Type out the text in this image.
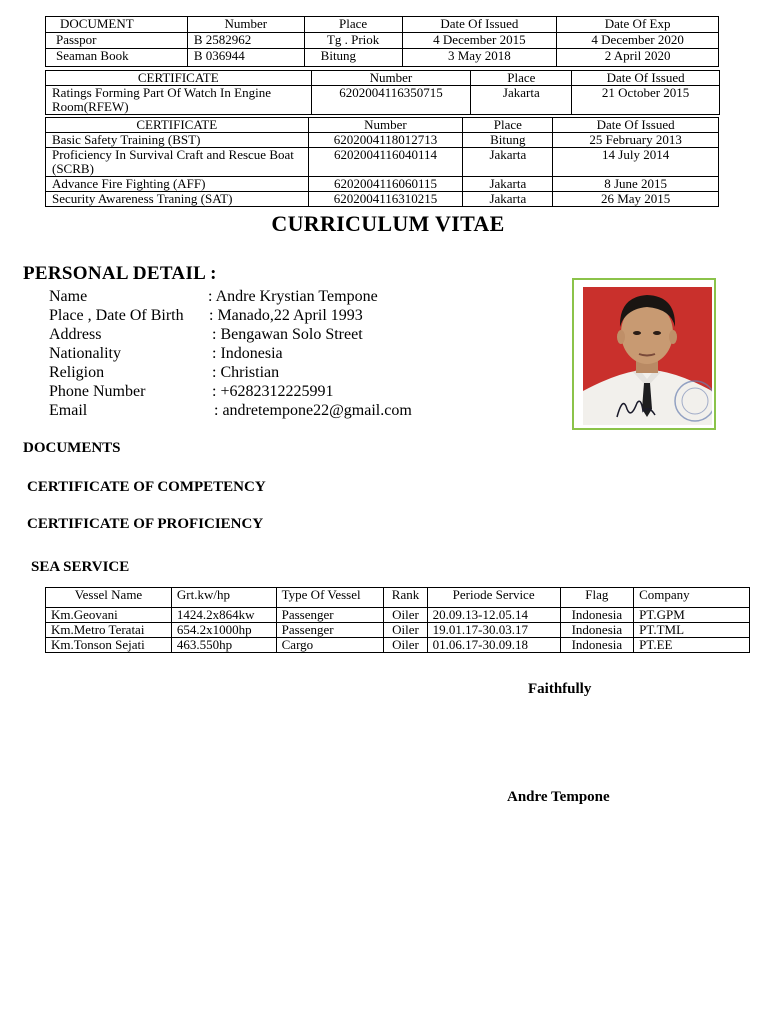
DOCUMENT	Number	Place	Date Of Issued	Date Of Exp
Passpor	B 2582962	Tg . Priok	4 December 2015	4 December 2020
Seaman Book	B 036944	Bitung	3 May 2018	2 April 2020
CERTIFICATE	Number	Place	Date Of Issued
Ratings Forming Part Of Watch In Engine Room(RFEW)	6202004116350715	Jakarta	21 October 2015
CERTIFICATE	Number	Place	Date Of Issued
Basic Safety Training (BST)	6202004118012713	Bitung	25 February 2013
Proficiency In Survival Craft and Rescue Boat (SCRB)	6202004116040114	Jakarta	14 July 2014
Advance Fire Fighting (AFF)	6202004116060115	Jakarta	8 June 2015
Security Awareness Traning (SAT)	6202004116310215	Jakarta	26 May 2015
CURRICULUM VITAE
PERSONAL DETAIL :
Name	: Andre Krystian Tempone
Place , Date Of Birth : Manado,22 April 1993
Address	: Bengawan Solo Street
Nationality	: Indonesia
Religion	: Christian
Phone Number	: +6282312225991
Email	: andretempone22@gmail.com
DOCUMENTS
CERTIFICATE OF COMPETENCY
CERTIFICATE OF PROFICIENCY
SEA SERVICE
Vessel Name	Grt.kw/hp	Type Of Vessel	Rank	Periode Service	Flag	Company
Km.Geovani	1424.2x864kw	Passenger	Oiler	20.09.13-12.05.14	Indonesia	PT.GPM
Km.Metro Teratai	654.2x1000hp	Passenger	Oiler	19.01.17-30.03.17	Indonesia	PT.TML
Km.Tonson Sejati	463.550hp	Cargo	Oiler	01.06.17-30.09.18	Indonesia	PT.EE
Faithfully
Andre Tempone
